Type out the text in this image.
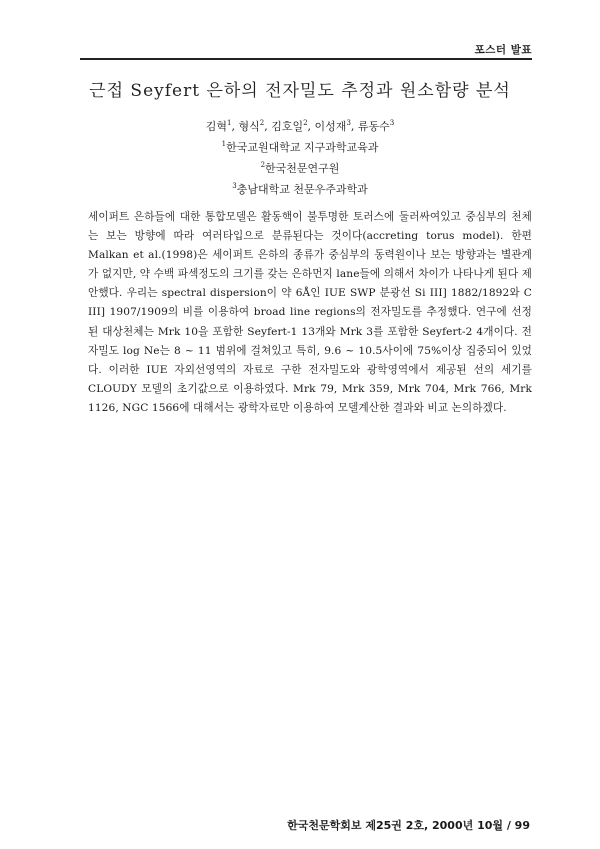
포스터 발표
근접 Seyfert 은하의 전자밀도 추정과 원소함량 분석
김혁$^1$, 형식$^2$, 김호일$^2$, 이성재$^3$, 류동수$^3$
$^1$한국교원대학교 지구과학교육과
$^2$한국천문연구원
$^3$충남대학교 천문우주과학과
세이퍼트 은하들에 대한 통합모델은 활동핵이 불투명한 토러스에 둘러싸여있고 중심부의 천체는 보는 방향에 따라 여러타입으로 분류된다는 것이다(accreting torus model). 한편 Malkan et al.(1998)은 세이퍼트 은하의 종류가 중심부의 동력원이나 보는 방향과는 별관계가 없지만, 약 수백 파섹정도의 크기를 갖는 은하먼지 lane들에 의해서 차이가 나타나게 된다 제안했다. 우리는 spectral dispersion이 약 6Å인 IUE SWP 분광선 Si III] 1882/1892와 C III] 1907/1909의 비를 이용하여 broad line regions의 전자밀도를 추정했다. 연구에 선정된 대상천체는 Mrk 10을 포함한 Seyfert-1 13개와 Mrk 3를 포함한 Seyfert-2 4개이다. 전자밀도 log Ne는 8 ~ 11 범위에 걸쳐있고 특히, 9.6 ~ 10.5사이에 75%이상 집중되어 있었다. 이러한 IUE 자외선영역의 자료로 구한 전자밀도와 광학영역에서 제공된 선의 세기를 CLOUDY 모델의 초기값으로 이용하였다. Mrk 79, Mrk 359, Mrk 704, Mrk 766, Mrk 1126, NGC 1566에 대해서는 광학자료만 이용하여 모델계산한 결과와 비교 논의하겠다.
한국천문학회보 제25권 2호, 2000년 10월 / 99
